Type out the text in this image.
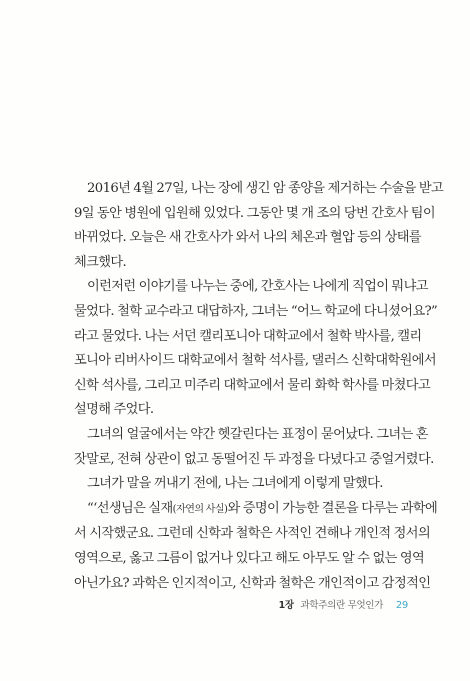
2016년 4월 27일, 나는 장에 생긴 암 종양을 제거하는 수술을 받고
9일 동안 병원에 입원해 있었다. 그동안 몇 개 조의 당번 간호사 팀이
바뀌었다. 오늘은 새 간호사가 와서 나의 체온과 혈압 등의 상태를
체크했다.
이런저런 이야기를 나누는 중에, 간호사는 나에게 직업이 뭐냐고
물었다. 철학 교수라고 대답하자, 그녀는 “어느 학교에 다니셨어요?”
라고 물었다. 나는 서던 캘리포니아 대학교에서 철학 박사를, 캘리
포니아 리버사이드 대학교에서 철학 석사를, 댈러스 신학대학원에서
신학 석사를, 그리고 미주리 대학교에서 물리 화학 학사를 마쳤다고
설명해 주었다.
그녀의 얼굴에서는 약간 헷갈린다는 표정이 묻어났다. 그녀는 혼
잣말로, 전혀 상관이 없고 동떨어진 두 과정을 다녔다고 중얼거렸다.
그녀가 말을 꺼내기 전에, 나는 그녀에게 이렇게 말했다.
“‘선생님은 실재(자연의 사실)와 증명이 가능한 결론을 다루는 과학에
서 시작했군요. 그런데 신학과 철학은 사적인 견해나 개인적 정서의
영역으로, 옳고 그름이 없거나 있다고 해도 아무도 알 수 없는 영역
아닌가요? 과학은 인지적이고, 신학과 철학은 개인적이고 감정적인
1장 과학주의란 무엇인가 29
